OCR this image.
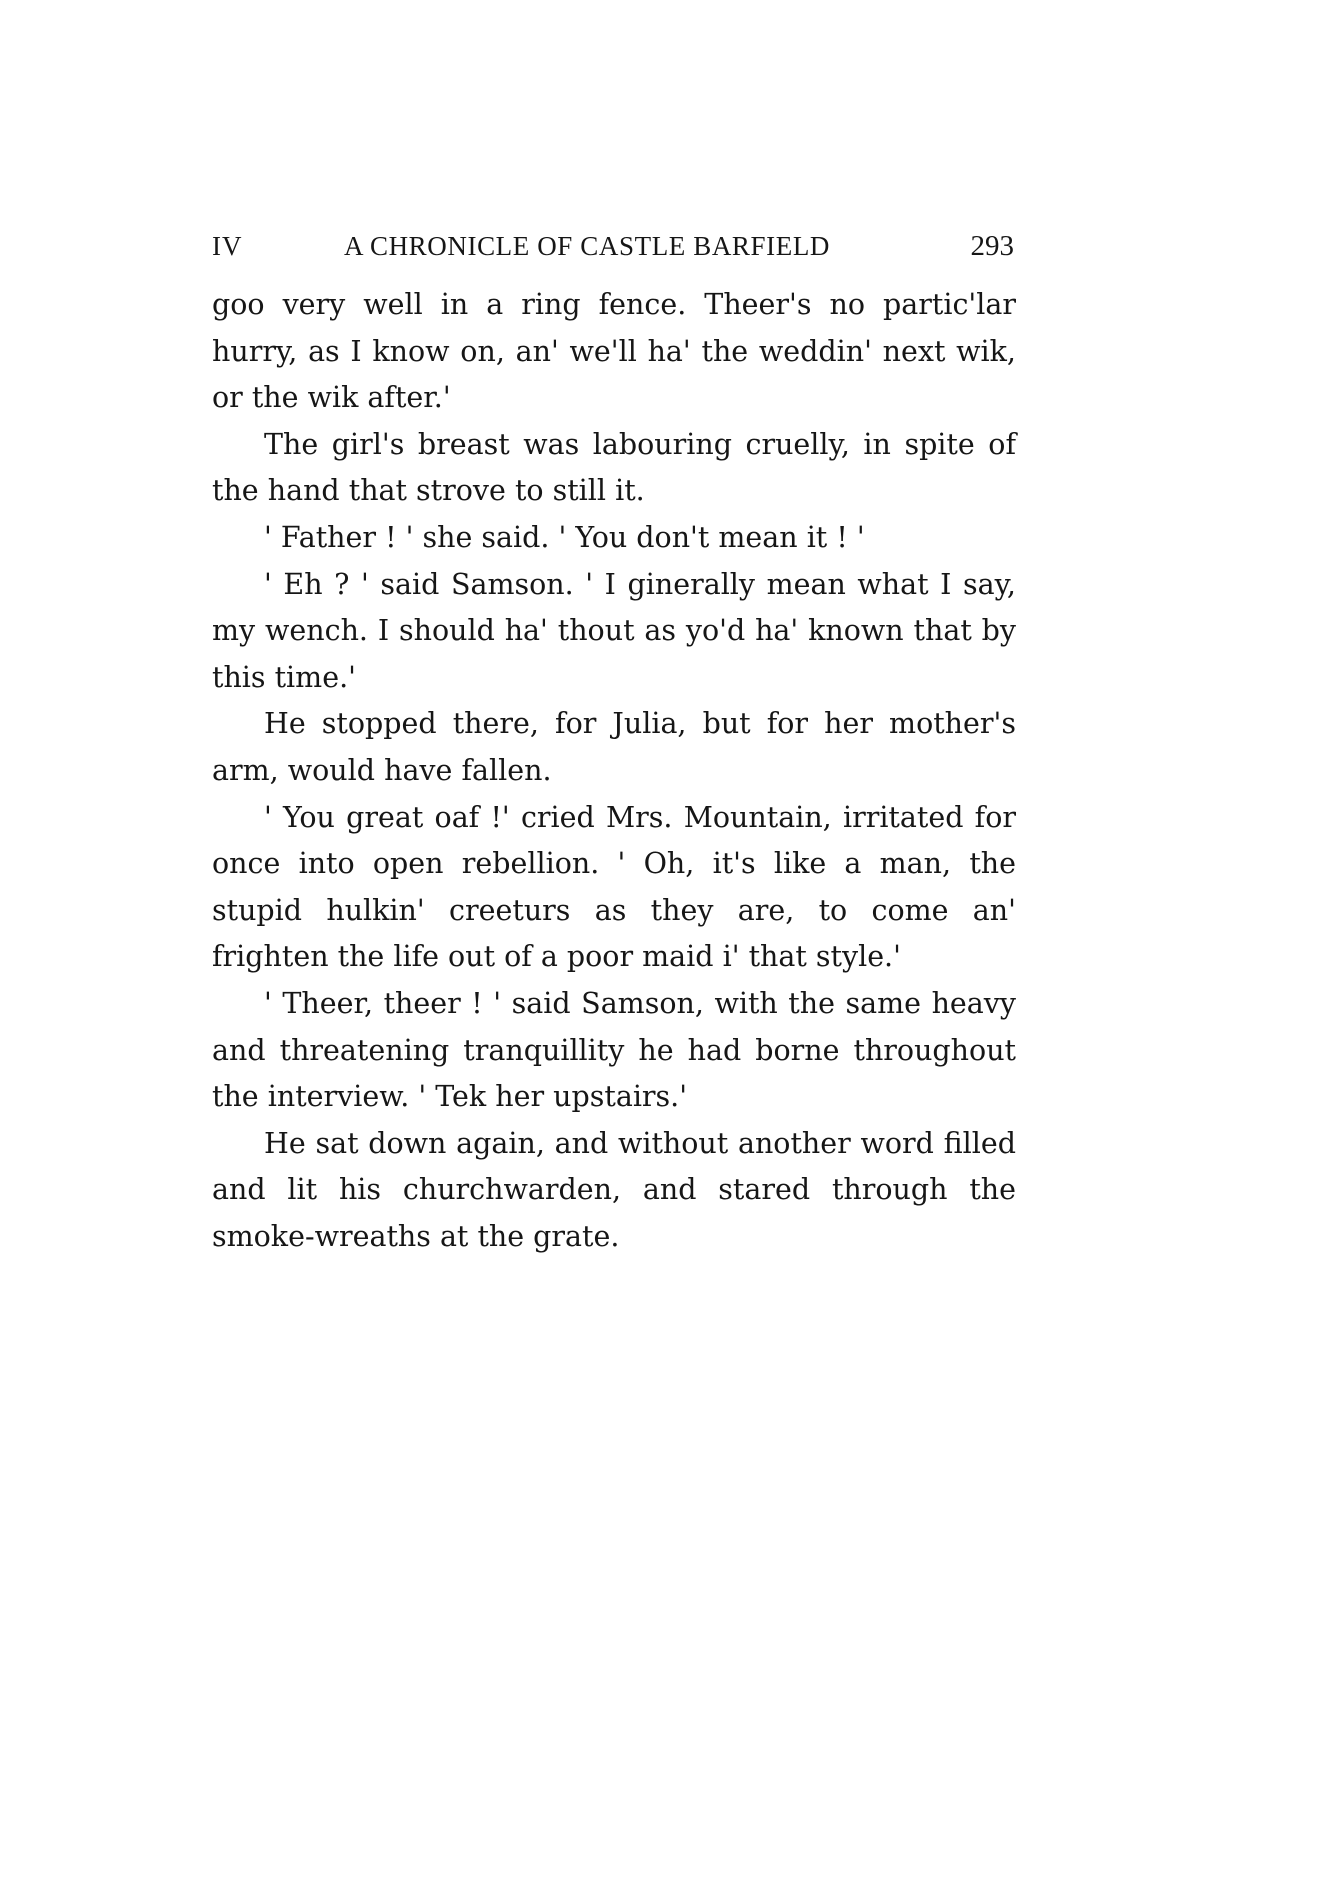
IV	A CHRONICLE OF CASTLE BARFIELD	293

goo very well in a ring fence. Theer's no partic'lar hurry, as I know on, an' we'll ha' the weddin' next wik, or the wik after.'

The girl's breast was labouring cruelly, in spite of the hand that strove to still it.

' Father ! ' she said. ' You don't mean it ! '

' Eh ? ' said Samson. ' I ginerally mean what I say, my wench. I should ha' thout as yo'd ha' known that by this time.'

He stopped there, for Julia, but for her mother's arm, would have fallen.

' You great oaf !' cried Mrs. Mountain, irritated for once into open rebellion. ' Oh, it's like a man, the stupid hulkin' creeturs as they are, to come an' frighten the life out of a poor maid i' that style.'

' Theer, theer ! ' said Samson, with the same heavy and threatening tranquillity he had borne throughout the interview. ' Tek her upstairs.'

He sat down again, and without another word filled and lit his churchwarden, and stared through the smoke-wreaths at the grate.
